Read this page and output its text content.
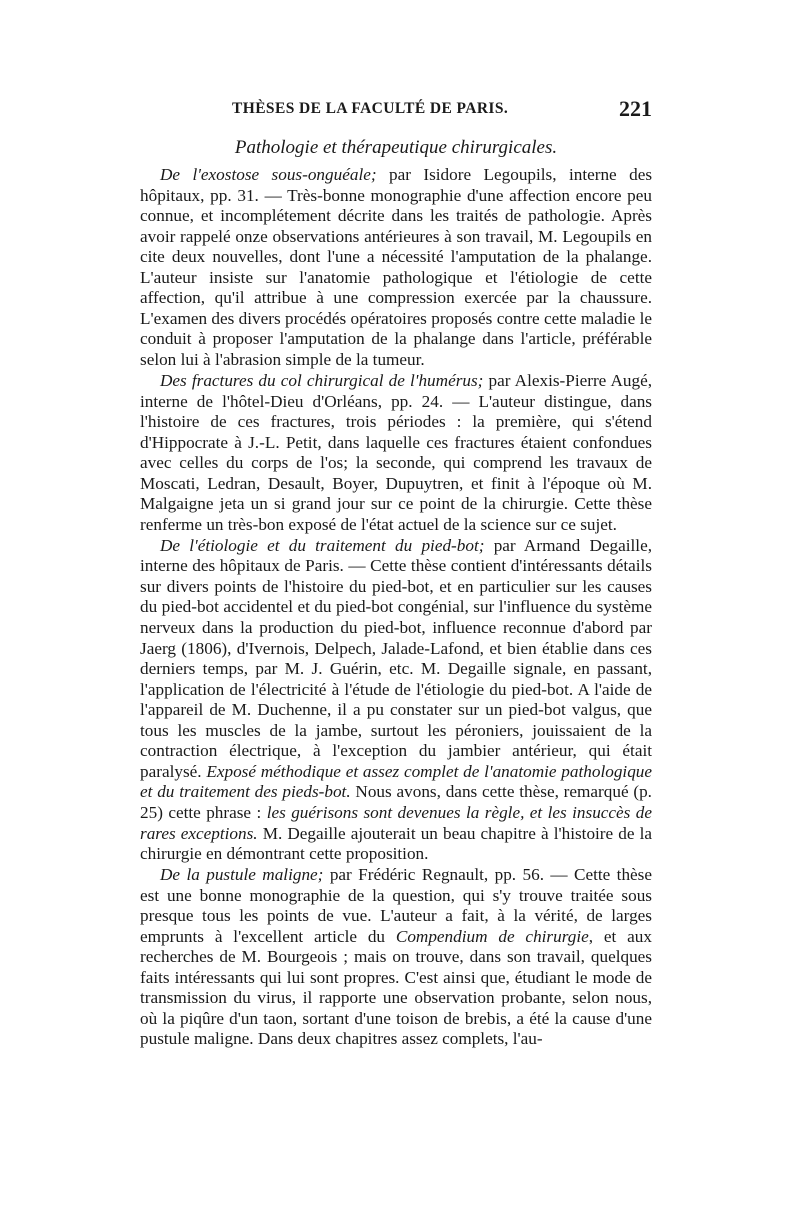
THÈSES DE LA FACULTÉ DE PARIS.	221
Pathologie et thérapeutique chirurgicales.

De l'exostose sous-onguéale; par Isidore Legoupils, interne des hôpitaux, pp. 31. — Très-bonne monographie d'une affection encore peu connue, et incomplétement décrite dans les traités de pathologie. Après avoir rappelé onze observations antérieures à son travail, M. Legoupils en cite deux nouvelles, dont l'une a nécessité l'amputation de la phalange. L'auteur insiste sur l'anatomie pathologique et l'étiologie de cette affection, qu'il attribue à une compression exercée par la chaussure. L'examen des divers procédés opératoires proposés contre cette maladie le conduit à proposer l'amputation de la phalange dans l'article, préférable selon lui à l'abrasion simple de la tumeur.

Des fractures du col chirurgical de l'humérus; par Alexis-Pierre Augé, interne de l'hôtel-Dieu d'Orléans, pp. 24. — L'auteur distingue, dans l'histoire de ces fractures, trois périodes : la première, qui s'étend d'Hippocrate à J.-L. Petit, dans laquelle ces fractures étaient confondues avec celles du corps de l'os; la seconde, qui comprend les travaux de Moscati, Ledran, Desault, Boyer, Dupuytren, et finit à l'époque où M. Malgaigne jeta un si grand jour sur ce point de la chirurgie. Cette thèse renferme un très-bon exposé de l'état actuel de la science sur ce sujet.

De l'étiologie et du traitement du pied-bot; par Armand Degaille, interne des hôpitaux de Paris. — Cette thèse contient d'intéressants détails sur divers points de l'histoire du pied-bot, et en particulier sur les causes du pied-bot accidentel et du pied-bot congénial, sur l'influence du système nerveux dans la production du pied-bot, influence reconnue d'abord par Jaerg (1806), d'Ivernois, Delpech, Jalade-Lafond, et bien établie dans ces derniers temps, par M. J. Guérin, etc. M. Degaille signale, en passant, l'application de l'électricité à l'étude de l'étiologie du pied-bot. A l'aide de l'appareil de M. Duchenne, il a pu constater sur un pied-bot valgus, que tous les muscles de la jambe, surtout les péroniers, jouissaient de la contraction électrique, à l'exception du jambier antérieur, qui était paralysé. Exposé méthodique et assez complet de l'anatomie pathologique et du traitement des pieds-bot. Nous avons, dans cette thèse, remarqué (p. 25) cette phrase : les guérisons sont devenues la règle, et les insuccès de rares exceptions. M. Degaille ajouterait un beau chapitre à l'histoire de la chirurgie en démontrant cette proposition.

De la pustule maligne; par Frédéric Regnault, pp. 56. — Cette thèse est une bonne monographie de la question, qui s'y trouve traitée sous presque tous les points de vue. L'auteur a fait, à la vérité, de larges emprunts à l'excellent article du Compendium de chirurgie, et aux recherches de M. Bourgeois ; mais on trouve, dans son travail, quelques faits intéressants qui lui sont propres. C'est ainsi que, étudiant le mode de transmission du virus, il rapporte une observation probante, selon nous, où la piqûre d'un taon, sortant d'une toison de brebis, a été la cause d'une pustule maligne. Dans deux chapitres assez complets, l'au-
